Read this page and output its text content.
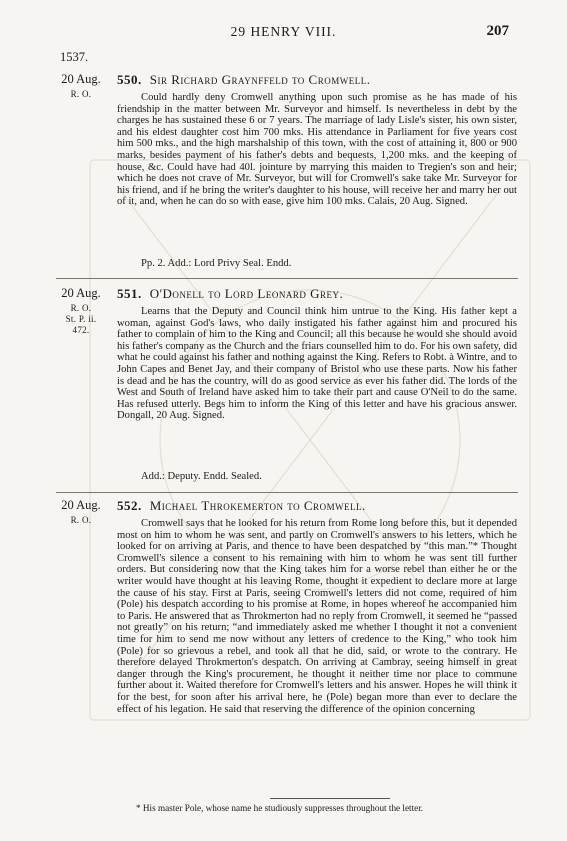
29 HENRY VIII.	207
1537.
20 Aug.
R. O.
550. Sir Richard Graynffeld to Cromwell.
Could hardly deny Cromwell anything upon such promise as he has made of his friendship in the matter between Mr. Surveyor and himself. Is nevertheless in debt by the charges he has sustained these 6 or 7 years. The marriage of lady Lisle's sister, his own sister, and his eldest daughter cost him 700 mks. His attendance in Parliament for five years cost him 500 mks., and the high marshalship of this town, with the cost of attaining it, 800 or 900 marks, besides payment of his father's debts and bequests, 1,200 mks. and the keeping of house, &c. Could have had 40l. jointure by marrying this maiden to Tregien's son and heir; which he does not crave of Mr. Surveyor, but will for Cromwell's sake take Mr. Surveyor for his friend, and if he bring the writer's daughter to his house, will receive her and marry her out of it, and, when he can do so with ease, give him 100 mks. Calais, 20 Aug. Signed.
Pp. 2. Add.: Lord Privy Seal. Endd.
20 Aug.
R. O.
St. P. ii.
472.
551. O'Donell to Lord Leonard Grey.
Learns that the Deputy and Council think him untrue to the King. His father kept a woman, against God's laws, who daily instigated his father against him and procured his father to complain of him to the King and Council; all this because he would she should avoid his father's company as the Church and the friars counselled him to do. For his own safety, did what he could against his father and nothing against the King. Refers to Robt. à Wintre, and to John Capes and Benet Jay, and their company of Bristol who use these parts. Now his father is dead and he has the country, will do as good service as ever his father did. The lords of the West and South of Ireland have asked him to take their part and cause O'Neil to do the same. Has refused utterly. Begs him to inform the King of this letter and have his gracious answer. Dongall, 20 Aug. Signed.
Add.: Deputy. Endd. Sealed.
20 Aug.
R. O.
552. Michael Throkemerton to Cromwell.
Cromwell says that he looked for his return from Rome long before this, but it depended most on him to whom he was sent, and partly on Cromwell's answers to his letters, which he looked for on arriving at Paris, and thence to have been despatched by “this man.”* Thought Cromwell's silence a consent to his remaining with him to whom he was sent till further orders. But considering now that the King takes him for a worse rebel than either he or the writer would have thought at his leaving Rome, thought it expedient to declare more at large the cause of his stay. First at Paris, seeing Cromwell's letters did not come, required of him (Pole) his despatch according to his promise at Rome, in hopes whereof he accompanied him to Paris. He answered that as Throkmerton had no reply from Cromwell, it seemed he “passed not greatly” on his return; “and immediately asked me whether I thought it not a convenient time for him to send me now without any letters of credence to the King,” who took him (Pole) for so grievous a rebel, and took all that he did, said, or wrote to the contrary. He therefore delayed Throkmerton's despatch. On arriving at Cambray, seeing himself in great danger through the King's procurement, he thought it neither time nor place to commune further about it. Waited therefore for Cromwell's letters and his answer. Hopes he will think it for the best, for soon after his arrival here, he (Pole) began more than ever to declare the effect of his legation. He said that reserving the difference of the opinion concerning
* His master Pole, whose name he studiously suppresses throughout the letter.
